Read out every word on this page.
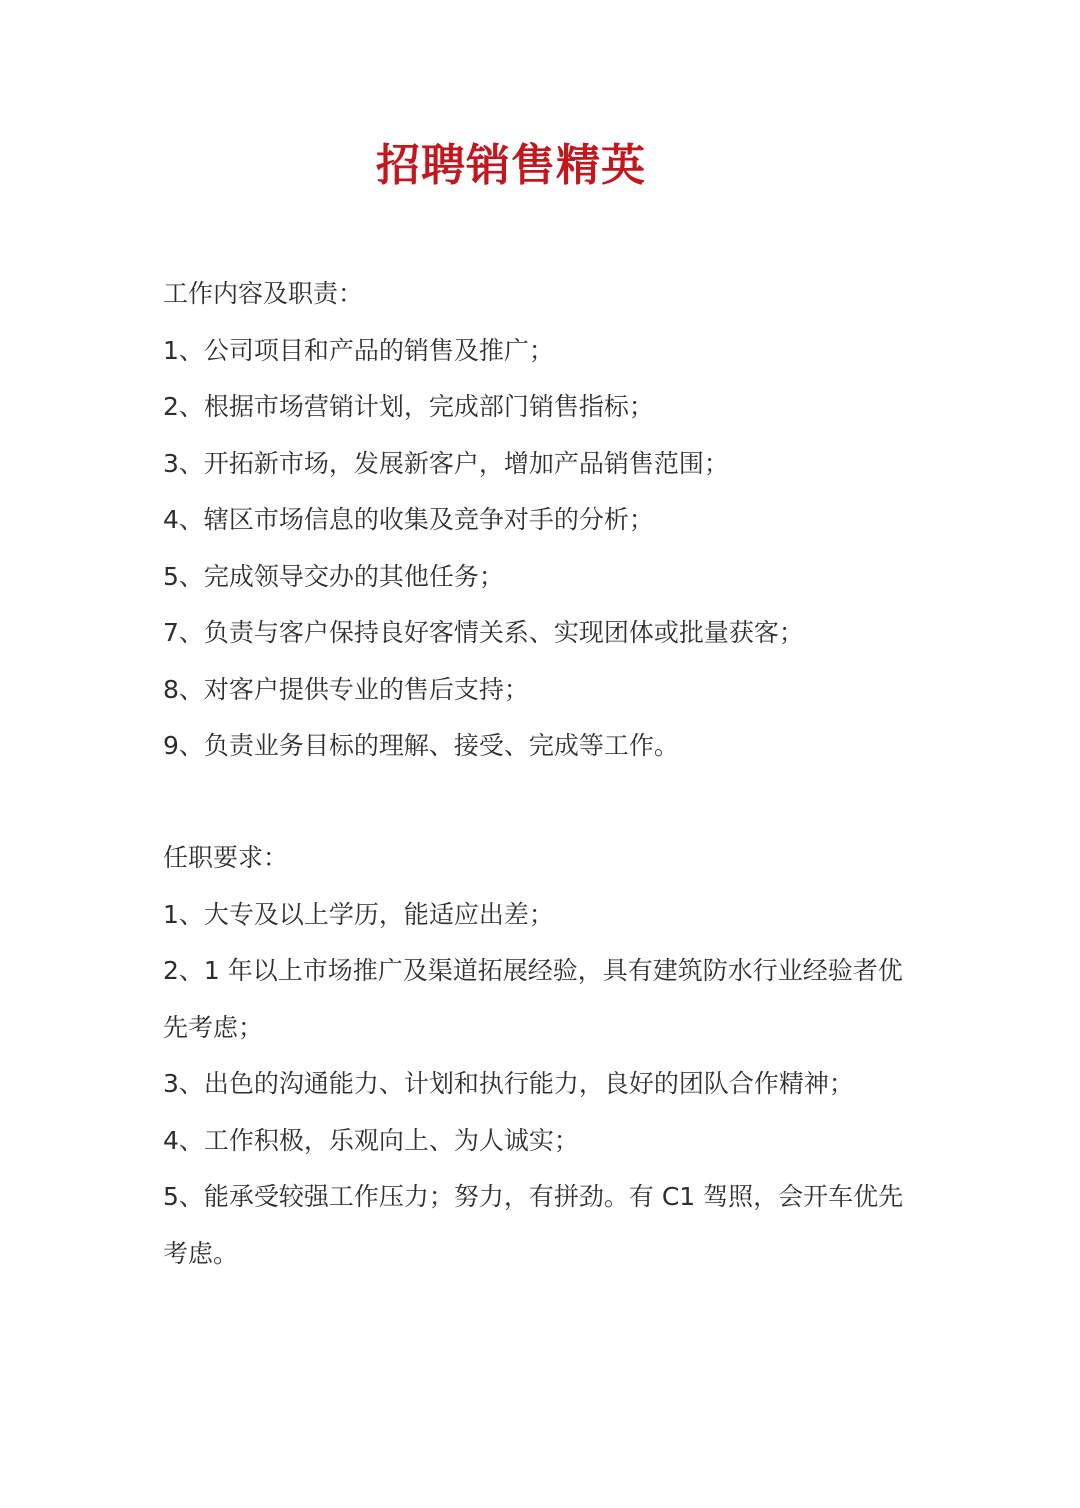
招聘销售精英
工作内容及职责：
1、公司项目和产品的销售及推广；
2、根据市场营销计划，完成部门销售指标；
3、开拓新市场，发展新客户，增加产品销售范围；
4、辖区市场信息的收集及竞争对手的分析；
5、完成领导交办的其他任务；
7、负责与客户保持良好客情关系、实现团体或批量获客；
8、对客户提供专业的售后支持；
9、负责业务目标的理解、接受、完成等工作。
任职要求：
1、大专及以上学历，能适应出差；
2、1 年以上市场推广及渠道拓展经验，具有建筑防水行业经验者优先考虑；
3、出色的沟通能力、计划和执行能力，良好的团队合作精神；
4、工作积极，乐观向上、为人诚实；
5、能承受较强工作压力；努力，有拼劲。有 C1 驾照，会开车优先考虑。
